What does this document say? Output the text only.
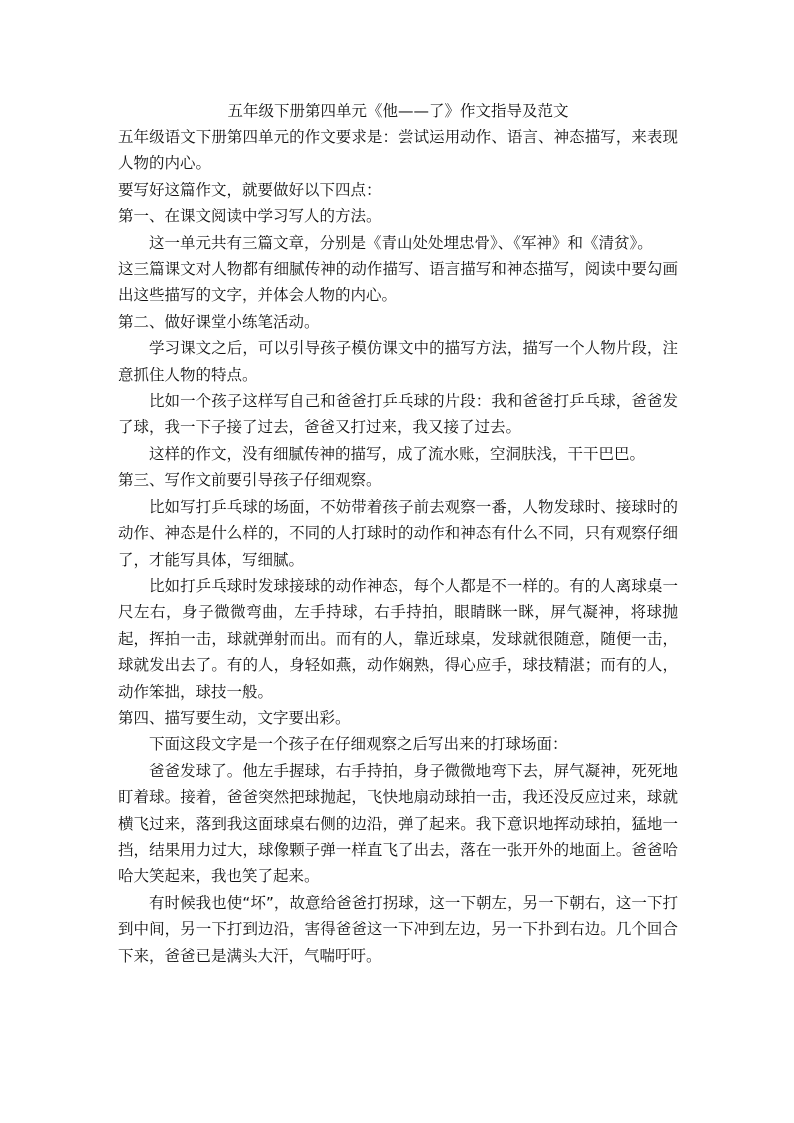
五年级下册第四单元《他——了》作文指导及范文

五年级语文下册第四单元的作文要求是：尝试运用动作、语言、神态描写，来表现人物的内心。

要写好这篇作文，就要做好以下四点：

第一、在课文阅读中学习写人的方法。

这一单元共有三篇文章，分别是《青山处处埋忠骨》、《军神》和《清贫》。

这三篇课文对人物都有细腻传神的动作描写、语言描写和神态描写，阅读中要勾画出这些描写的文字，并体会人物的内心。

第二、做好课堂小练笔活动。

学习课文之后，可以引导孩子模仿课文中的描写方法，描写一个人物片段，注意抓住人物的特点。

比如一个孩子这样写自己和爸爸打乒乓球的片段：我和爸爸打乒乓球，爸爸发了球，我一下子接了过去，爸爸又打过来，我又接了过去。

这样的作文，没有细腻传神的描写，成了流水账，空洞肤浅，干干巴巴。

第三、写作文前要引导孩子仔细观察。

比如写打乒乓球的场面，不妨带着孩子前去观察一番，人物发球时、接球时的动作、神态是什么样的，不同的人打球时的动作和神态有什么不同，只有观察仔细了，才能写具体，写细腻。

比如打乒乓球时发球接球的动作神态，每个人都是不一样的。有的人离球桌一尺左右，身子微微弯曲，左手持球，右手持拍，眼睛眯一眯，屏气凝神，将球抛起，挥拍一击，球就弹射而出。而有的人，靠近球桌，发球就很随意，随便一击，球就发出去了。有的人，身轻如燕，动作娴熟，得心应手，球技精湛；而有的人，动作笨拙，球技一般。

第四、描写要生动，文字要出彩。

下面这段文字是一个孩子在仔细观察之后写出来的打球场面：

爸爸发球了。他左手握球，右手持拍，身子微微地弯下去，屏气凝神，死死地盯着球。接着，爸爸突然把球抛起，飞快地扇动球拍一击，我还没反应过来，球就横飞过来，落到我这面球桌右侧的边沿，弹了起来。我下意识地挥动球拍，猛地一挡，结果用力过大，球像颗子弹一样直飞了出去，落在一张开外的地面上。爸爸哈哈大笑起来，我也笑了起来。

有时候我也使“坏”，故意给爸爸打拐球，这一下朝左，另一下朝右，这一下打到中间，另一下打到边沿，害得爸爸这一下冲到左边，另一下扑到右边。几个回合下来，爸爸已是满头大汗，气喘吁吁。
